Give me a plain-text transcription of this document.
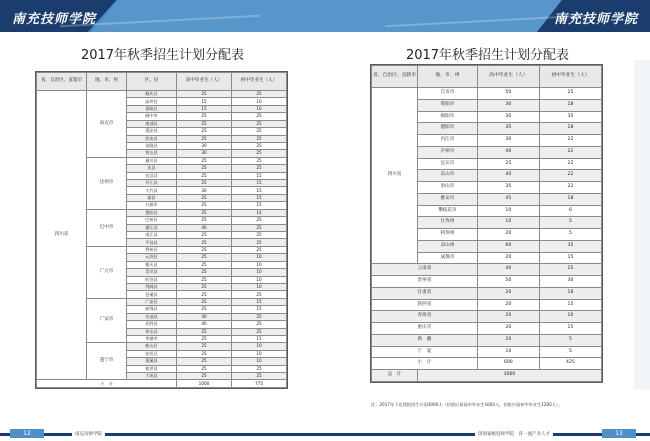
南充技师学院
2017年秋季招生计划分配表
省、自治区、直辖市	地、市、州	区、县	高中毕业生（人）	初中毕业生（人）
四川省	南充市	顺庆区	25	25
		高坪区	15	10
		嘉陵区	15	10
		阆中市	25	25
		南部县	25	25
		蓬安县	25	25
		西充县	25	25
		仪陇县	30	25
		营山县	30	25
	达州市	通川区	25	25
		达县	25	25
		宣汉县	25	15
		开江县	25	15
		大竹县	30	15
		渠县	25	15
		万源市	25	15
	巴中市	恩阳区	25	14
		巴州区	25	25
		通江县	40	25
		南江县	25	25
		平昌县	25	25
	广元市	利州区	25	25
		元坝区	25	10
		朝天区	25	10
		青川县	25	10
		旺苍县	25	10
		剑阁县	25	10
		苍溪县	25	25
	广安市	广安区	25	15
		前锋区	25	15
		岳池县	40	25
		武胜县	40	25
		邻水县	25	25
		华蓥市	25	15
	遂宁市	船山区	25	10
		安居区	25	10
		蓬溪县	25	10
		射洪县	25	25
		大英县	25	25
小　计			1000	775
12	南充技师学院
南充技师学院
2017年秋季招生计划分配表
省、自治区、直辖市	地、市、州	高中毕业生（人）	初中毕业生（人）
四川省	自贡市	50	25
	资阳市	30	18
	绵阳市	30	35
	德阳市	35	18
	内江市	30	22
	泸州市	40	22
	宜宾市	25	22
	乐山市	40	22
	眉山市	35	22
	雅安市	45	18
	攀枝花市	10	6
	甘孜州	10	5
	阿坝州	20	5
	凉山州	60	35
	成都市	20	15
云南省		40	25
贵州省		50	30
甘肃省		20	18
陕西省		20	15
青海省		20	10
重庆市		20	15
新　疆		20	5
宁　夏		10	5
小　计		600	425
总　计	3000		
创国家级技师学院　育一流产业人才	13
注：2017年下达我院招生计划3000人（招收应届高中毕业生1600人，招收应届初中毕业生1200人）。
